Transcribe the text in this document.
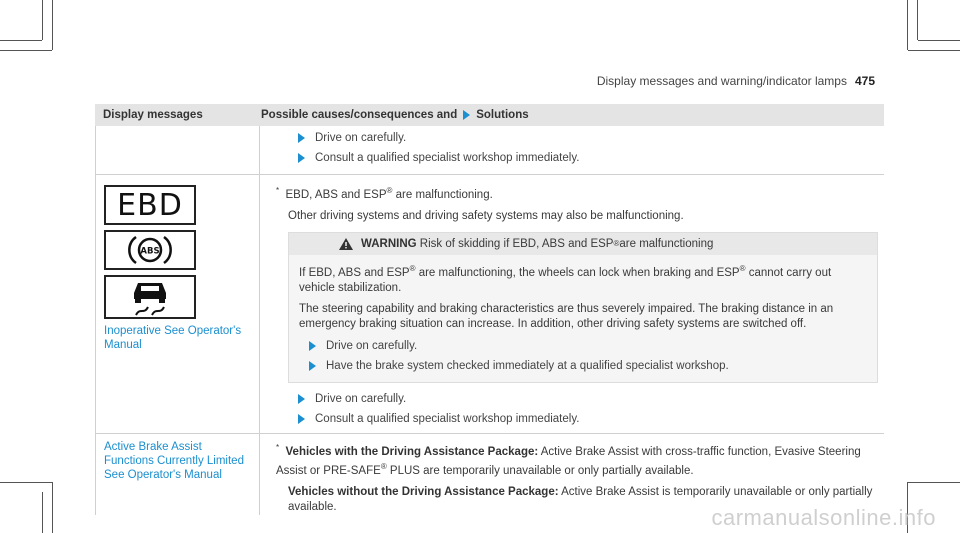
Display messages and warning/indicator lamps 475
Display messages	Possible causes/consequences and Solutions
Drive on carefully.
Consult a qualified specialist workshop immediately.
EBD
ABS
Inoperative See Operator's Manual
* EBD, ABS and ESP® are malfunctioning.
Other driving systems and driving safety systems may also be malfunctioning.
WARNING
Risk of skidding if EBD, ABS and ESP ® are malfunctioning
If EBD, ABS and ESP® are malfunctioning, the wheels can lock when braking and ESP® cannot carry out vehicle stabilization.
The steering capability and braking characteristics are thus severely impaired. The braking distance in an emergency braking situation can increase. In addition, other driving safety systems are switched off.
Drive on carefully.
Have the brake system checked immediately at a qualified specialist workshop.
Drive on carefully.
Consult a qualified specialist workshop immediately.
Active Brake Assist Functions Currently Limited See Operator's Manual
* Vehicles with the Driving Assistance Package: Active Brake Assist with cross-traffic function, Evasive Steering Assist or PRE-SAFE® PLUS are temporarily unavailable or only partially available.
Vehicles without the Driving Assistance Package: Active Brake Assist is temporarily unavailable or only partially available.	carmanualsonline.info
